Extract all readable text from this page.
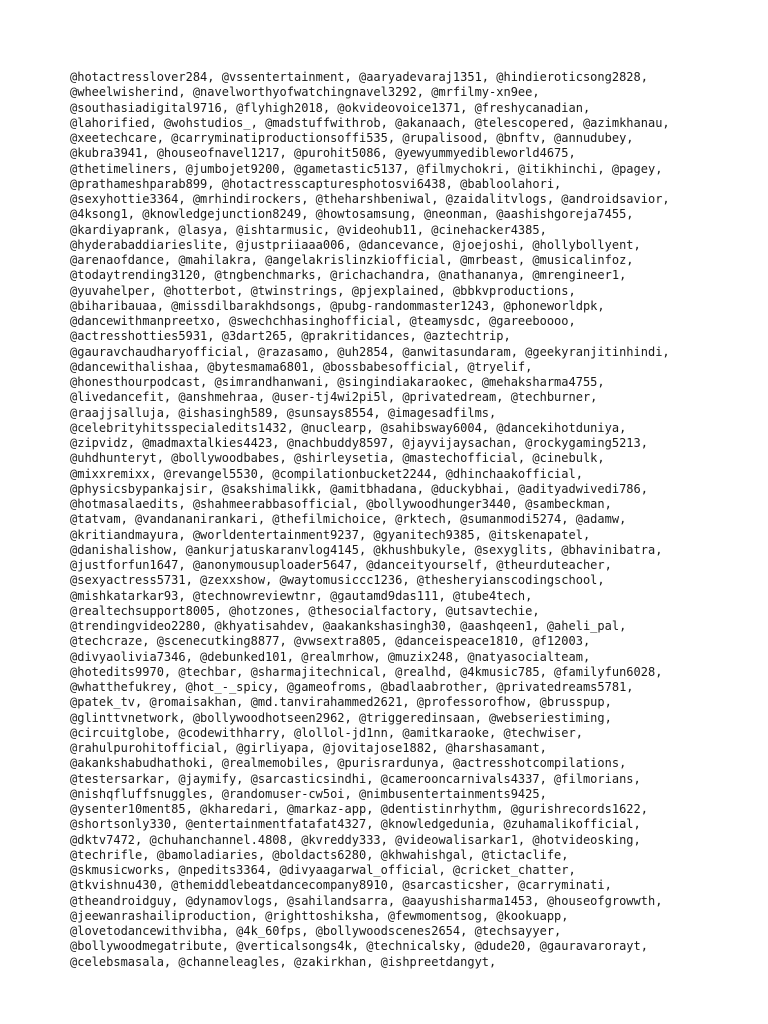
@hotactresslover284, @vssentertainment, @aaryadevaraj1351, @hindieroticsong2828,
@wheelwisherind, @navelworthyofwatchingnavel3292, @mrfilmy-xn9ee,
@southasiadigital9716, @flyhigh2018, @okvideovoice1371, @freshycanadian,
@lahorified, @wohstudios_, @madstuffwithrob, @akanaach, @telescopered, @azimkhanau,
@xeetechcare, @carryminatiproductionsoffi535, @rupalisood, @bnftv, @annudubey,
@kubra3941, @houseofnavel1217, @purohit5086, @yewyummyedibleworld4675,
@thetimeliners, @jumbojet9200, @gametastic5137, @filmychokri, @itikhinchi, @pagey,
@prathameshparab899, @hotactresscapturesphotosvi6438, @babloolahori,
@sexyhottie3364, @mrhindirockers, @theharshbeniwal, @zaidalitvlogs, @androidsavior,
@4ksong1, @knowledgejunction8249, @howtosamsung, @neonman, @aashishgoreja7455,
@kardiyaprank, @lasya, @ishtarmusic, @videohub11, @cinehacker4385,
@hyderabaddiarieslite, @justpriiaaa006, @dancevance, @joejoshi, @hollybollyent,
@arenaofdance, @mahilakra, @angelakrislinzkiofficial, @mrbeast, @musicalinfoz,
@todaytrending3120, @tngbenchmarks, @richachandra, @nathananya, @mrengineer1,
@yuvahelper, @hotterbot, @twinstrings, @pjexplained, @bbkvproductions,
@biharibauaa, @missdilbarakhdsongs, @pubg-randommaster1243, @phoneworldpk,
@dancewithmanpreetxo, @swechchhasinghofficial, @teamysdc, @gareeboooo,
@actresshotties5931, @3dart265, @prakritidances, @aztechtrip,
@gauravchaudharyofficial, @razasamo, @uh2854, @anwitasundaram, @geekyranjitinhindi,
@dancewithalishaa, @bytesmama6801, @bossbabesofficial, @tryelif,
@honesthourpodcast, @simrandhanwani, @singindiakaraokec, @mehaksharma4755,
@livedancefit, @anshmehraa, @user-tj4wi2pi5l, @privatedream, @techburner,
@raajjsalluja, @ishasingh589, @sunsays8554, @imagesadfilms,
@celebrityhitsspecialedits1432, @nuclearp, @sahibsway6004, @dancekihotduniya,
@zipvidz, @madmaxtalkies4423, @nachbuddy8597, @jayvijaysachan, @rockygaming5213,
@uhdhunteryt, @bollywoodbabes, @shirleysetia, @mastechofficial, @cinebulk,
@mixxremixx, @revangel5530, @compilationbucket2244, @dhinchaakofficial,
@physicsbypankajsir, @sakshimalikk, @amitbhadana, @duckybhai, @adityadwivedi786,
@hotmasalaedits, @shahmeerabbasofficial, @bollywoodhunger3440, @sambeckman,
@tatvam, @vandananirankari, @thefilmichoice, @rktech, @sumanmodi5274, @adamw,
@kritiandmayura, @worldentertainment9237, @gyanitech9385, @itskenapatel,
@danishalishow, @ankurjatuskaranvlog4145, @khushbukyle, @sexyglits, @bhavinibatra,
@justforfun1647, @anonymousuploader5647, @danceityourself, @theurduteacher,
@sexyactress5731, @zexxshow, @waytomusiccc1236, @thesheryianscodingschool,
@mishkatarkar93, @technowreviewtnr, @gautamd9das111, @tube4tech,
@realtechsupport8005, @hotzones, @thesocialfactory, @utsavtechie,
@trendingvideo2280, @khyatisahdev, @aakankshasingh30, @aashqeen1, @aheli_pal,
@techcraze, @scenecutking8877, @vwsextra805, @danceispeace1810, @f12003,
@divyaolivia7346, @debunked101, @realmrhow, @muzix248, @natyasocialteam,
@hotedits9970, @techbar, @sharmajitechnical, @realhd, @4kmusic785, @familyfun6028,
@whatthefukrey, @hot_-_spicy, @gameofroms, @badlaabrother, @privatedreams5781,
@patek_tv, @romaisakhan, @md.tanvirahammed2621, @professorofhow, @brusspup,
@glinttvnetwork, @bollywoodhotseen2962, @triggeredinsaan, @webseriestiming,
@circuitglobe, @codewithharry, @lollol-jd1nn, @amitkaraoke, @techwiser,
@rahulpurohitofficial, @girliyapa, @jovitajose1882, @harshasamant,
@akankshabudhathoki, @realmemobiles, @purisrardunya, @actresshotcompilations,
@testersarkar, @jaymify, @sarcasticsindhi, @camerooncarnivals4337, @filmorians,
@nishqfluffsnuggles, @randomuser-cw5oi, @nimbusentertainments9425,
@ysenter10ment85, @kharedari, @markaz-app, @dentistinrhythm, @gurishrecords1622,
@shortsonly330, @entertainmentfatafat4327, @knowledgedunia, @zuhamalikofficial,
@dktv7472, @chuhanchannel.4808, @kvreddy333, @videowalisarkar1, @hotvideosking,
@techrifle, @bamoladiaries, @boldacts6280, @khwahishgal, @tictaclife,
@skmusicworks, @npedits3364, @divyaagarwal_official, @cricket_chatter,
@tkvishnu430, @themiddlebeatdancecompany8910, @sarcasticsher, @carryminati,
@theandroidguy, @dynamovlogs, @sahilandsarra, @aayushisharma1453, @houseofgrowwth,
@jeewanrashailiproduction, @righttoshiksha, @fewmomentsog, @kookuapp,
@lovetodancewithvibha, @4k_60fps, @bollywoodscenes2654, @techsayyer,
@bollywoodmegatribute, @verticalsongs4k, @technicalsky, @dude20, @gauravarorayt,
@celebsmasala, @channeleagles, @zakirkhan, @ishpreetdangyt,
